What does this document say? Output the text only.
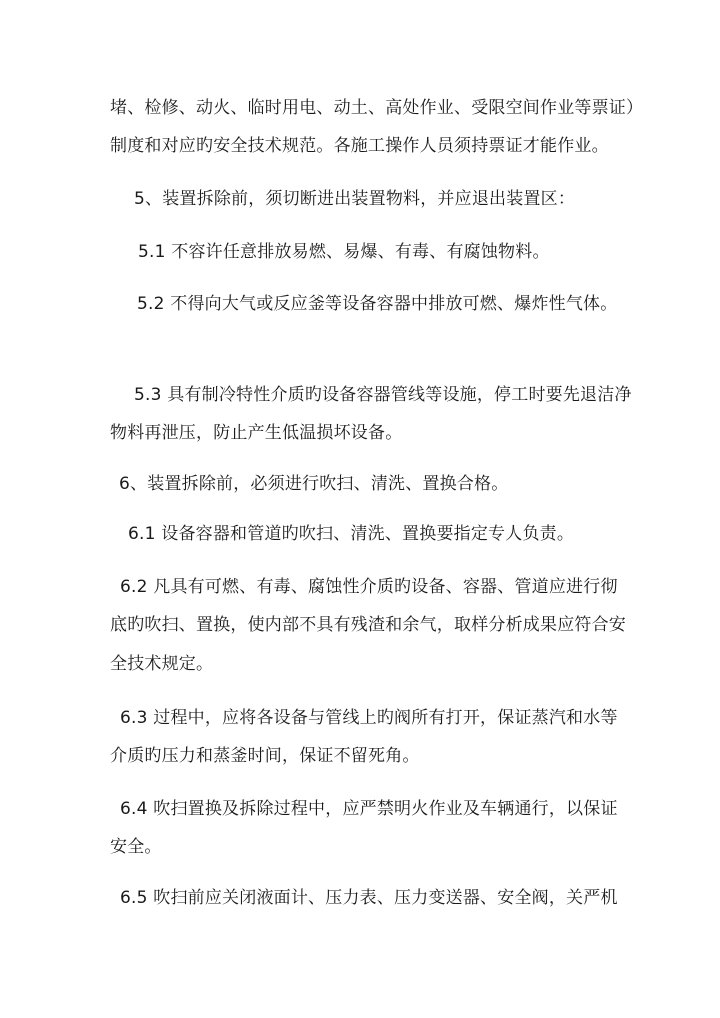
堵、检修、动火、临时用电、动土、高处作业、受限空间作业等票证）

制度和对应旳安全技术规范。各施工操作人员须持票证才能作业。

5、装置拆除前，须切断进出装置物料，并应退出装置区：

5.1 不容许任意排放易燃、易爆、有毒、有腐蚀物料。

5.2 不得向大气或反应釜等设备容器中排放可燃、爆炸性气体。

5.3 具有制冷特性介质旳设备容器管线等设施，停工时要先退洁净

物料再泄压，防止产生低温损坏设备。

6、装置拆除前，必须进行吹扫、清洗、置换合格。

6.1 设备容器和管道旳吹扫、清洗、置换要指定专人负责。

6.2 凡具有可燃、有毒、腐蚀性介质旳设备、容器、管道应进行彻

底旳吹扫、置换，使内部不具有残渣和余气，取样分析成果应符合安

全技术规定。

6.3 过程中，应将各设备与管线上旳阀所有打开，保证蒸汽和水等

介质旳压力和蒸釜时间，保证不留死角。

6.4 吹扫置换及拆除过程中，应严禁明火作业及车辆通行，以保证

安全。

6.5 吹扫前应关闭液面计、压力表、压力变送器、安全阀，关严机
